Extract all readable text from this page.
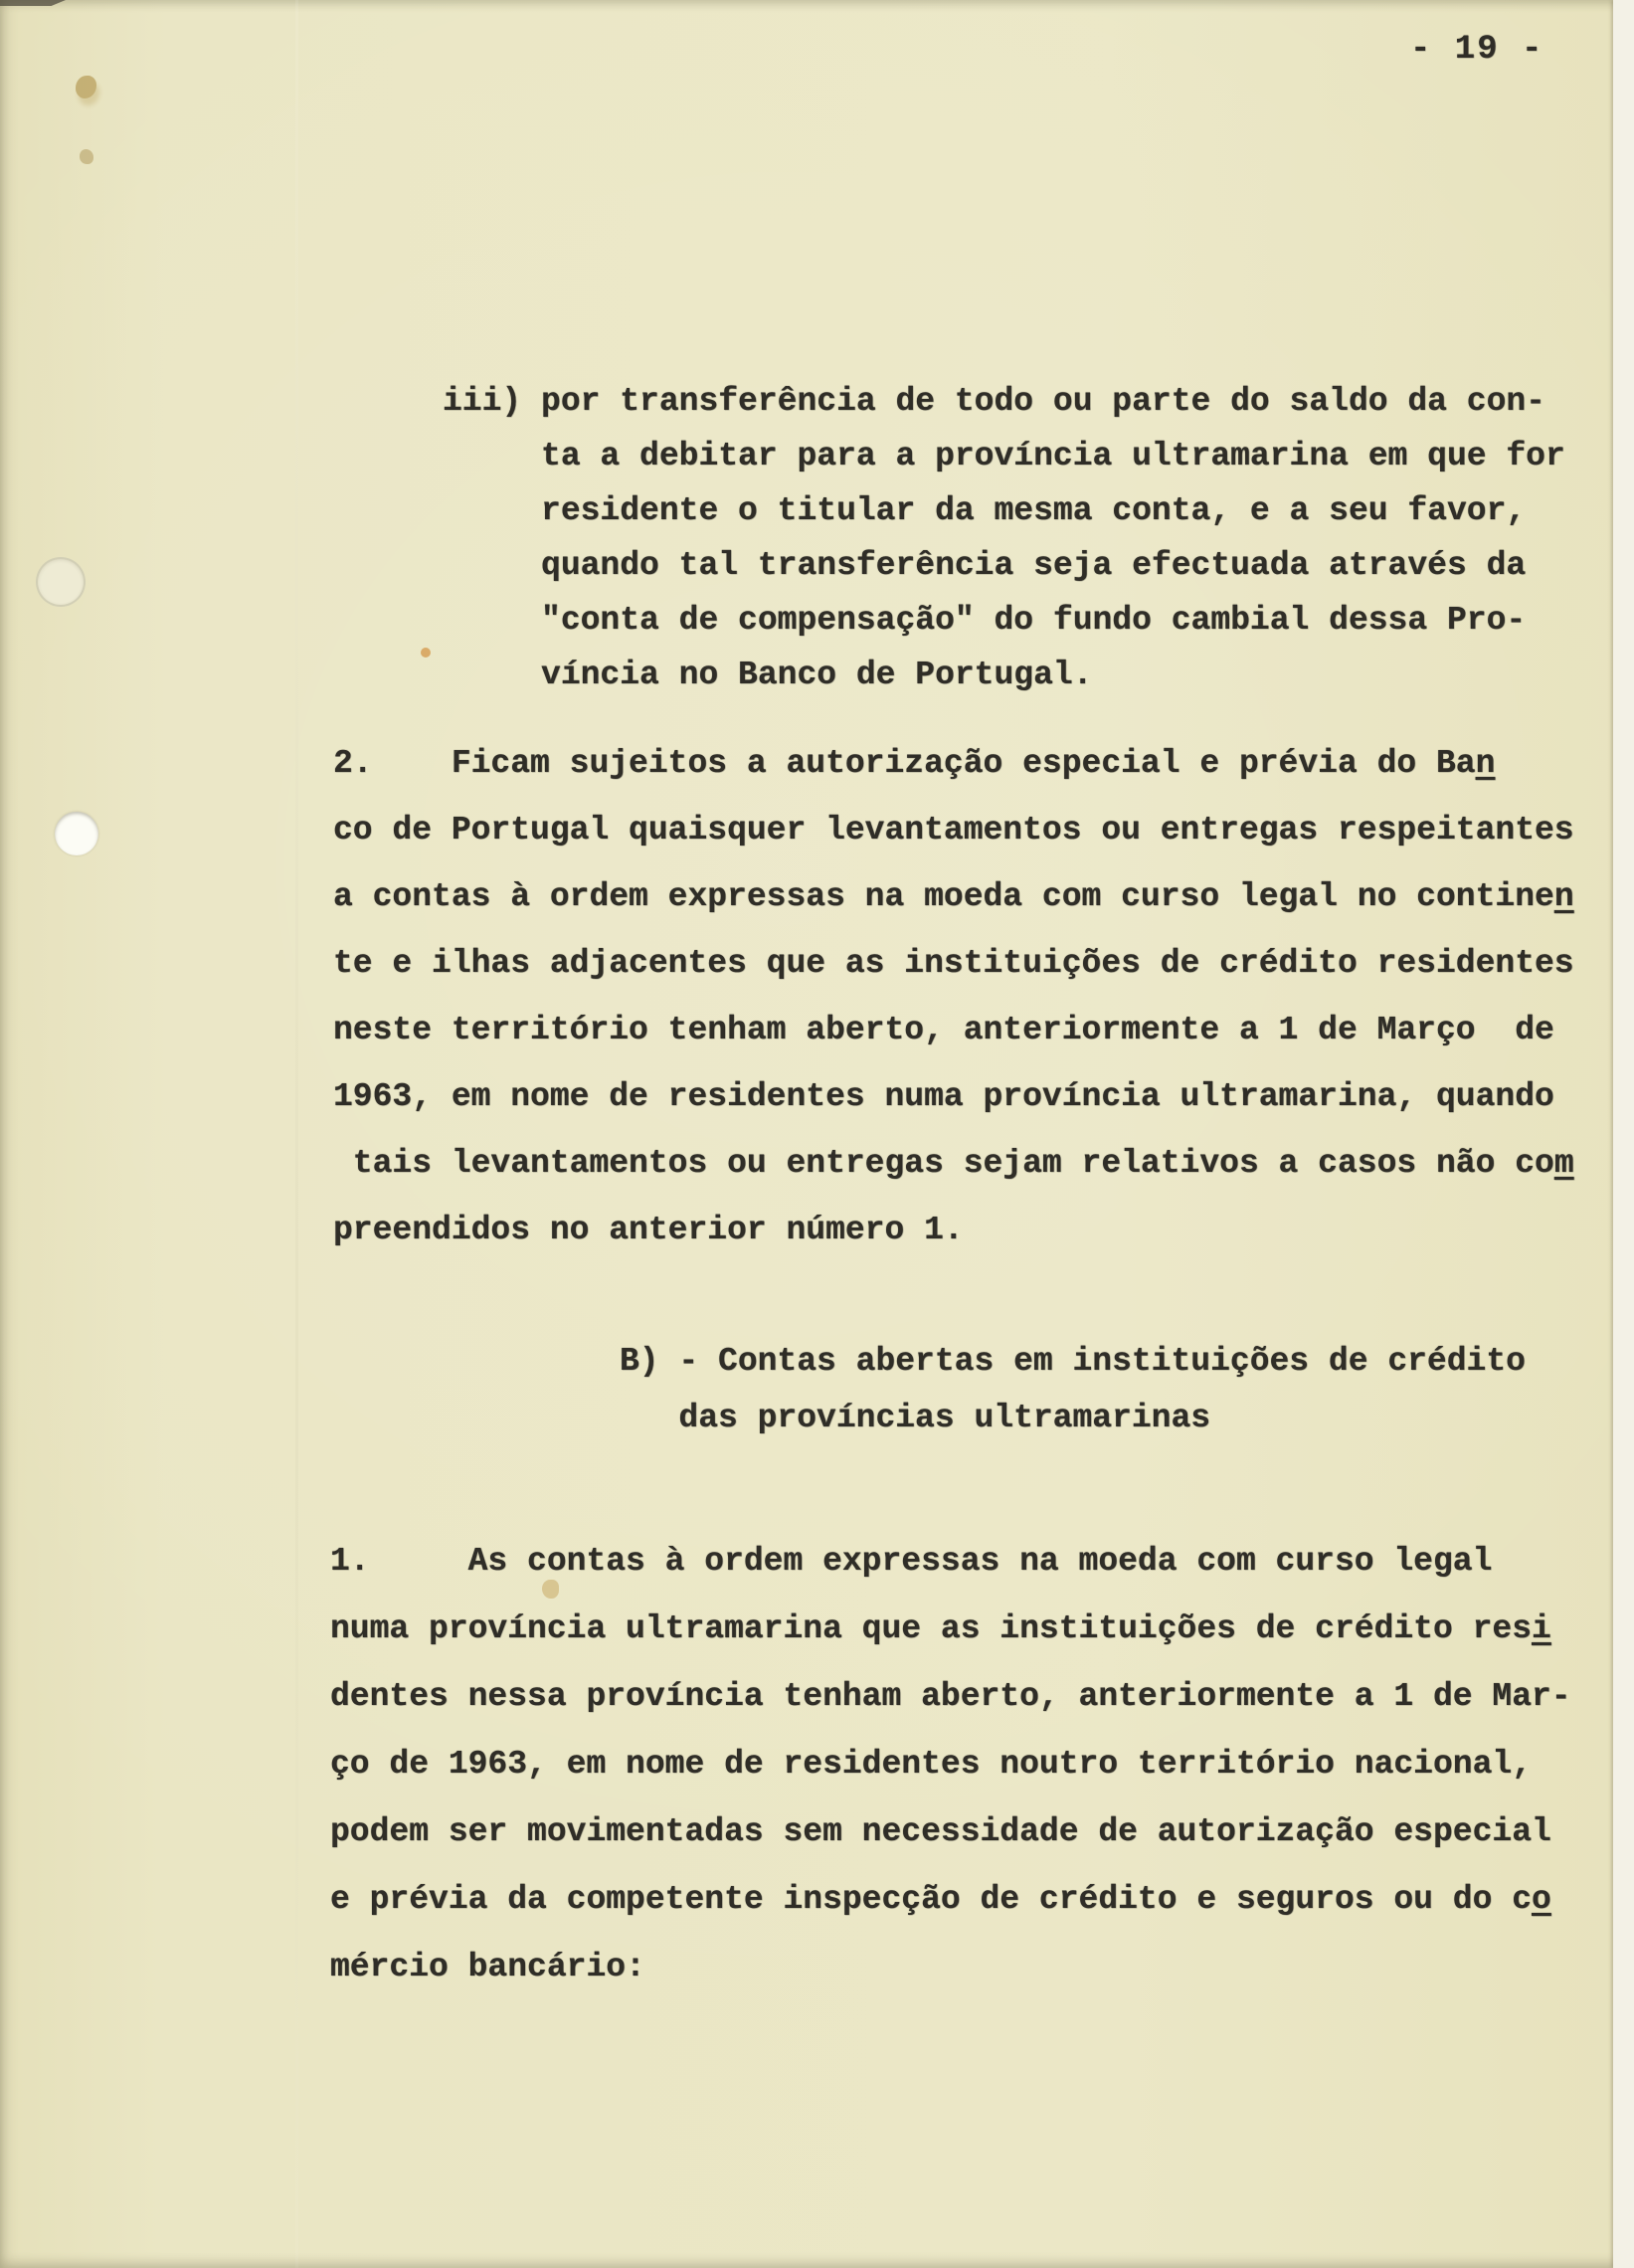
- 19 -
iii) por transferência de todo ou parte do saldo da con-
ta a debitar para a província ultramarina em que for
residente o titular da mesma conta, e a seu favor,
quando tal transferência seja efectuada através da
"conta de compensação" do fundo cambial dessa Pro-
víncia no Banco de Portugal.
2.    Ficam sujeitos a autorização especial e prévia do Ban
co de Portugal quaisquer levantamentos ou entregas respeitantes
a contas à ordem expressas na moeda com curso legal no continen
te e ilhas adjacentes que as instituições de crédito residentes
neste território tenham aberto, anteriormente a 1 de Março  de
1963, em nome de residentes numa província ultramarina, quando
tais levantamentos ou entregas sejam relativos a casos não com
preendidos no anterior número 1.
B) - Contas abertas em instituições de crédito
das províncias ultramarinas
1.     As contas à ordem expressas na moeda com curso legal
numa província ultramarina que as instituições de crédito resi
dentes nessa província tenham aberto, anteriormente a 1 de Mar-
ço de 1963, em nome de residentes noutro território nacional,
podem ser movimentadas sem necessidade de autorização especial
e prévia da competente inspecção de crédito e seguros ou do co
mércio bancário:
